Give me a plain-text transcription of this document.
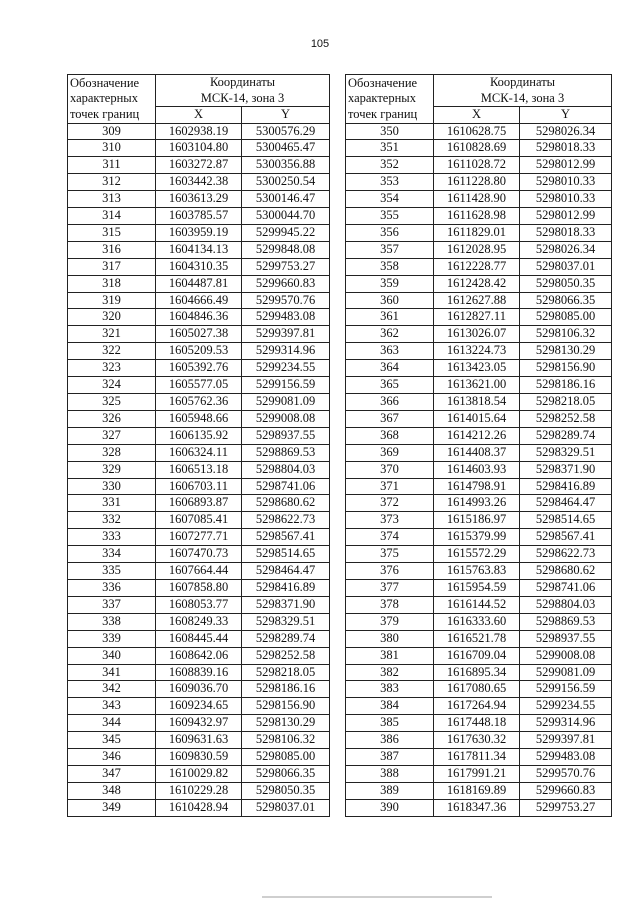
105
Обозначение
характерных
точек границ	Координаты	
	МСК-14, зона 3	
	X	Y
309	1602938.19	5300576.29
310	1603104.80	5300465.47
311	1603272.87	5300356.88
312	1603442.38	5300250.54
313	1603613.29	5300146.47
314	1603785.57	5300044.70
315	1603959.19	5299945.22
316	1604134.13	5299848.08
317	1604310.35	5299753.27
318	1604487.81	5299660.83
319	1604666.49	5299570.76
320	1604846.36	5299483.08
321	1605027.38	5299397.81
322	1605209.53	5299314.96
323	1605392.76	5299234.55
324	1605577.05	5299156.59
325	1605762.36	5299081.09
326	1605948.66	5299008.08
327	1606135.92	5298937.55
328	1606324.11	5298869.53
329	1606513.18	5298804.03
330	1606703.11	5298741.06
331	1606893.87	5298680.62
332	1607085.41	5298622.73
333	1607277.71	5298567.41
334	1607470.73	5298514.65
335	1607664.44	5298464.47
336	1607858.80	5298416.89
337	1608053.77	5298371.90
338	1608249.33	5298329.51
339	1608445.44	5298289.74
340	1608642.06	5298252.58
341	1608839.16	5298218.05
342	1609036.70	5298186.16
343	1609234.65	5298156.90
344	1609432.97	5298130.29
345	1609631.63	5298106.32
346	1609830.59	5298085.00
347	1610029.82	5298066.35
348	1610229.28	5298050.35
349	1610428.94	5298037.01
Обозначение
характерных
точек границ	Координаты	
	МСК-14, зона 3	
	X	Y
350	1610628.75	5298026.34
351	1610828.69	5298018.33
352	1611028.72	5298012.99
353	1611228.80	5298010.33
354	1611428.90	5298010.33
355	1611628.98	5298012.99
356	1611829.01	5298018.33
357	1612028.95	5298026.34
358	1612228.77	5298037.01
359	1612428.42	5298050.35
360	1612627.88	5298066.35
361	1612827.11	5298085.00
362	1613026.07	5298106.32
363	1613224.73	5298130.29
364	1613423.05	5298156.90
365	1613621.00	5298186.16
366	1613818.54	5298218.05
367	1614015.64	5298252.58
368	1614212.26	5298289.74
369	1614408.37	5298329.51
370	1614603.93	5298371.90
371	1614798.91	5298416.89
372	1614993.26	5298464.47
373	1615186.97	5298514.65
374	1615379.99	5298567.41
375	1615572.29	5298622.73
376	1615763.83	5298680.62
377	1615954.59	5298741.06
378	1616144.52	5298804.03
379	1616333.60	5298869.53
380	1616521.78	5298937.55
381	1616709.04	5299008.08
382	1616895.34	5299081.09
383	1617080.65	5299156.59
384	1617264.94	5299234.55
385	1617448.18	5299314.96
386	1617630.32	5299397.81
387	1617811.34	5299483.08
388	1617991.21	5299570.76
389	1618169.89	5299660.83
390	1618347.36	5299753.27
